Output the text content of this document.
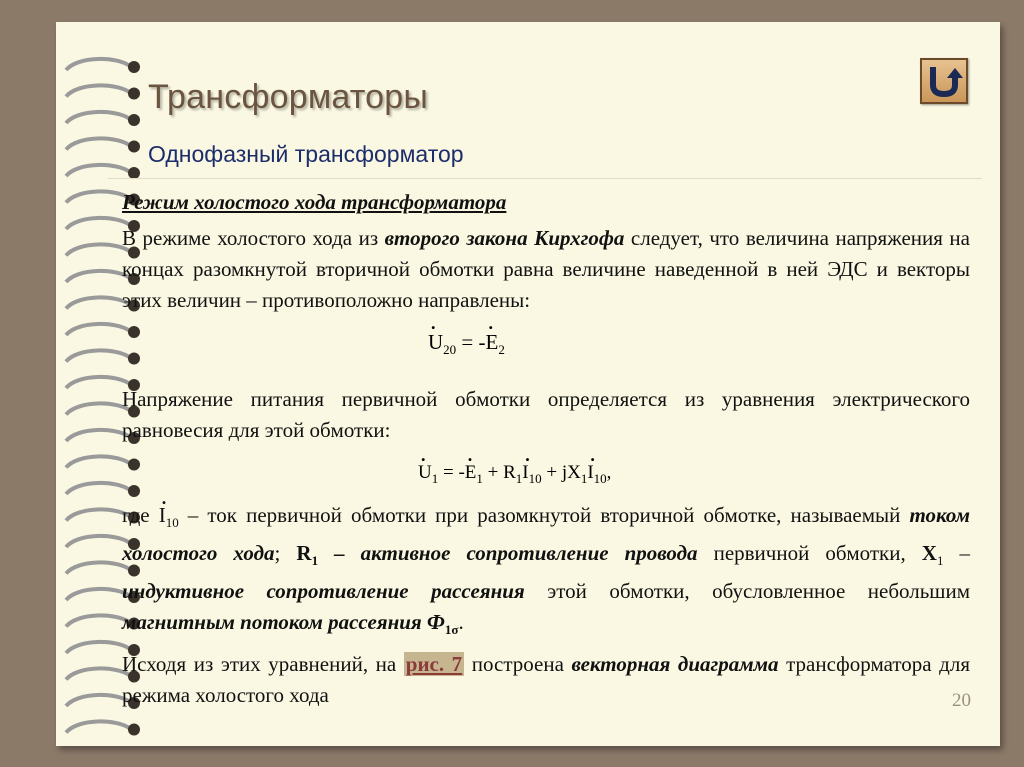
Трансформаторы
Однофазный трансформатор

Режим холостого хода трансформатора

В режиме холостого хода из второго закона Кирхгофа следует, что величина напряжения на концах разомкнутой вторичной обмотки равна величине наведенной в ней ЭДС и векторы этих величин – противоположно направлены:

Напряжение питания первичной обмотки определяется из уравнения электрического равновесия для этой обмотки:

где . $I_{10}$ – ток первичной обмотки при разомкнутой вторичной обмотке, называемый током холостого хода; $R_1$ – активное сопротивление провода первичной обмотки, $X_1$ – индуктивное сопротивление рассеяния этой обмотки, обусловленное небольшим магнитным потоком рассеяния $Ф_{1\sigma}$.

Исходя из этих уравнений, на рис. 7 построена векторная диаграмма трансформатора для режима холостого хода

. $U_{20}$ = -. $E_2$
. $U_1$ = -. $E_1 + R_1$. $I_{10} + jX_1$. $I_{10}$,
20
